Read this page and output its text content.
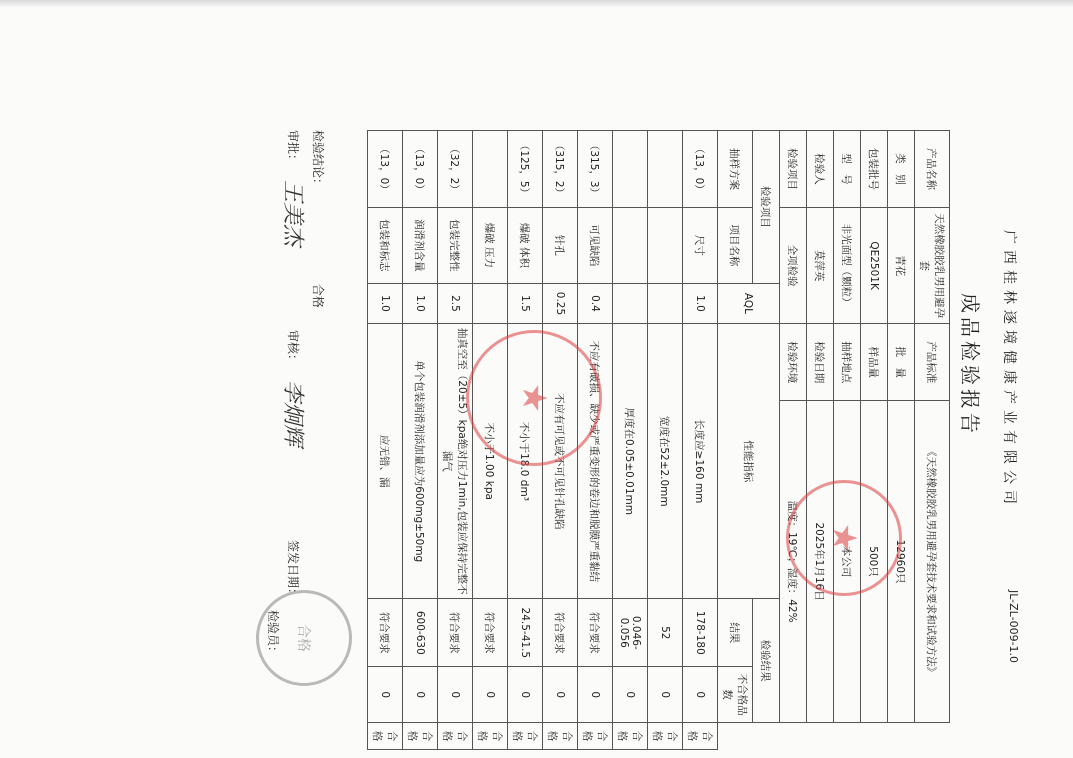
广西桂林逐境健康产业有限公司
JL-ZL-009-1.0
成品检验报告
产品名称	天然橡胶胶乳男用避孕套		产品标准	《天然橡胶胶乳男用避孕套技术要求和试验方法》			
类　别	青花		批　量	12960只			
包装批号	QE2501K		样品量	500只			
型　号	非光面型（颗粒）		抽样地点	本公司			
检验人	莫萍英		检验日期	2025年1月16日			
检验项目	全项检验		检验环境	温度：19℃；湿度：42%			
检验项目		AQL	性能指标		检验结果		
抽样方案	项目名称				结果	不合格品数	
（13，0）	尺寸	1.0	长度应≥160 mm		178-180	0	合格
			宽度在52±2.0mm		52	0	合格
			厚度在0.05±0.01mm		0.046-0.056	0	合格
（315，3）	可见缺陷	0.4	不应有破损、缺少或严重变形的卷边和脱膜严重黏结		符合要求	0	合格
（315，2）	针孔	0.25	不应有可见或不可见针孔缺陷		符合要求	0	合格
（125，5）	爆破 体积	1.5	不小于18.0 dm³		24.5-41.5	0	合格
	爆破 压力		不小于1.00 kpa		符合要求	0	合格
（32，2）	包装完整性	2.5	抽真空至（20±5）kpa绝对压力1min,包装应保持完整不漏气		符合要求	0	合格
（13，0）	润滑剂含量	1.0	单个包装润滑剂添加量应为600mg±50mg		600-630	0	合格
（13，0）	包装和标志	1.0	应无错、漏		符合要求	0	合格
检验结论： 合格
审批：
王美杰
审核：
李炯辉
签发日期：
检验员：
★
★
合格
